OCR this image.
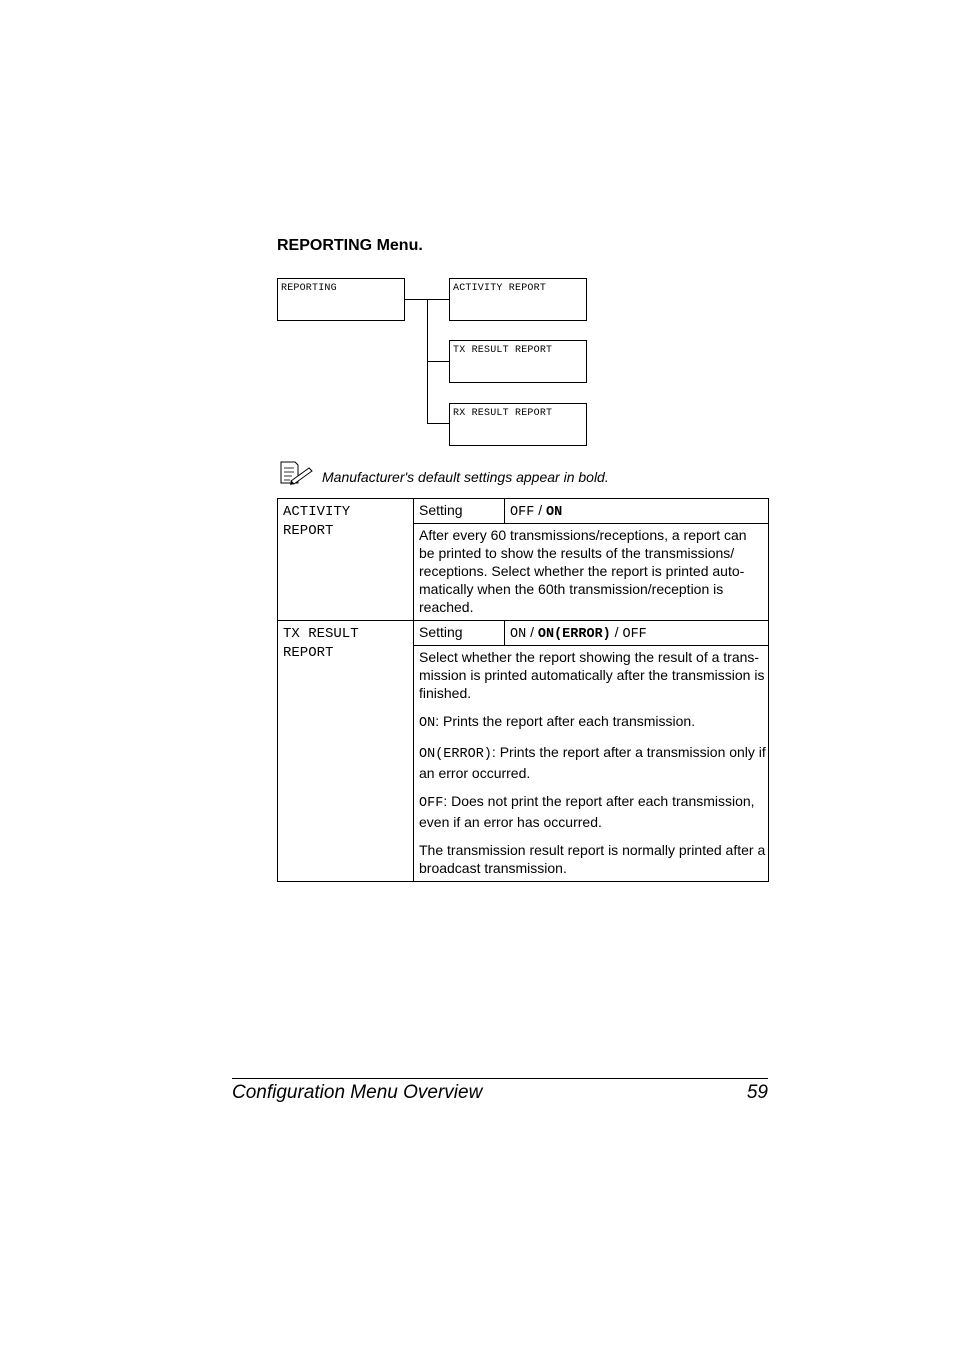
REPORTING Menu.
REPORTING	ACTIVITY REPORT
TX RESULT REPORT
RX RESULT REPORT
Manufacturer's default settings appear in bold.
ACTIVITY
REPORT	Setting	OFF / ON

	After every 60 transmissions/receptions, a report can be printed to show the results of the transmissions/ receptions. Select whether the report is printed auto-matically when the 60th transmission/reception is reached.	

TX RESULT
REPORT	Setting	ON / ON(ERROR) / OFF

	Select whether the report showing the result of a trans-mission is printed automatically after the transmission is finished.

ON: Prints the report after each transmission.

ON(ERROR): Prints the report after a transmission only if an error occurred.

OFF: Does not print the report after each transmission, even if an error has occurred.

The transmission result report is normally printed after a broadcast transmission.	

Configuration Menu Overview	59
